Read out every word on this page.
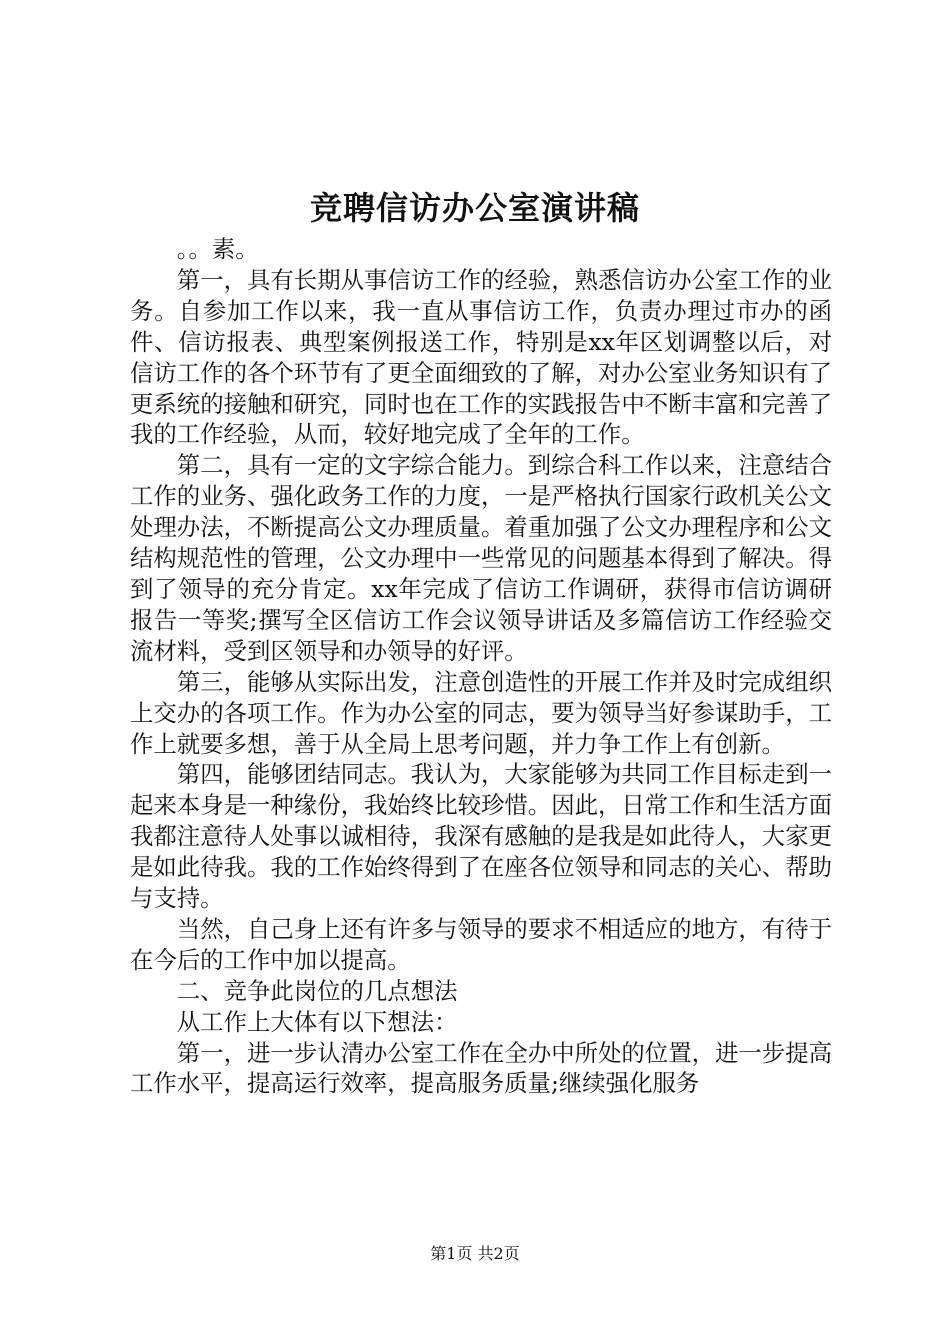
竞聘信访办公室演讲稿

。。素。

第一，具有长期从事信访工作的经验，熟悉信访办公室工作的业务。自参加工作以来，我一直从事信访工作，负责办理过市办的函件、信访报表、典型案例报送工作，特别是xx年区划调整以后，对信访工作的各个环节有了更全面细致的了解，对办公室业务知识有了更系统的接触和研究，同时也在工作的实践报告中不断丰富和完善了我的工作经验，从而，较好地完成了全年的工作。

第二，具有一定的文字综合能力。到综合科工作以来，注意结合工作的业务、强化政务工作的力度，一是严格执行国家行政机关公文处理办法，不断提高公文办理质量。着重加强了公文办理程序和公文结构规范性的管理，公文办理中一些常见的问题基本得到了解决。得到了领导的充分肯定。xx年完成了信访工作调研，获得市信访调研报告一等奖;撰写全区信访工作会议领导讲话及多篇信访工作经验交流材料，受到区领导和办领导的好评。

第三，能够从实际出发，注意创造性的开展工作并及时完成组织上交办的各项工作。作为办公室的同志，要为领导当好参谋助手，工作上就要多想，善于从全局上思考问题，并力争工作上有创新。

第四，能够团结同志。我认为，大家能够为共同工作目标走到一起来本身是一种缘份，我始终比较珍惜。因此，日常工作和生活方面我都注意待人处事以诚相待，我深有感触的是我是如此待人，大家更是如此待我。我的工作始终得到了在座各位领导和同志的关心、帮助与支持。

当然，自己身上还有许多与领导的要求不相适应的地方，有待于在今后的工作中加以提高。

二、竞争此岗位的几点想法

从工作上大体有以下想法：

第一，进一步认清办公室工作在全办中所处的位置，进一步提高工作水平，提高运行效率，提高服务质量;继续强化服务

第1页 共2页
